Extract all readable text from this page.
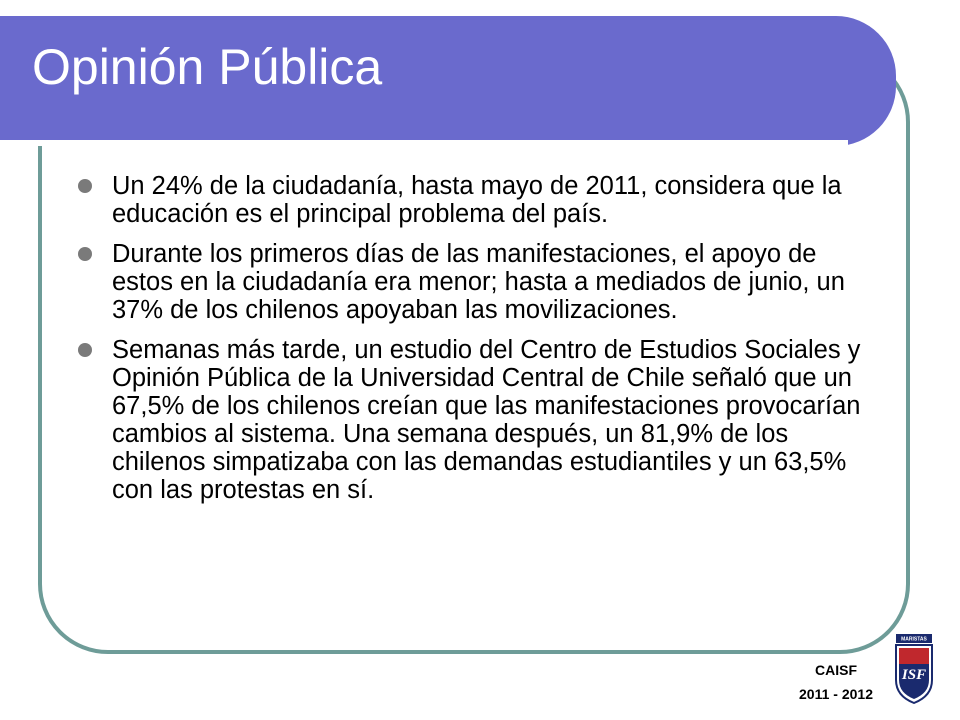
Opinión Pública
Un 24% de la ciudadanía, hasta mayo de 2011, considera que la educación es el principal problema del país.
Durante los primeros días de las manifestaciones, el apoyo de estos en la ciudadanía era menor; hasta a mediados de junio, un 37% de los chilenos apoyaban las movilizaciones.
Semanas más tarde, un estudio del Centro de Estudios Sociales y Opinión Pública de la Universidad Central de Chile señaló que un 67,5% de los chilenos creían que las manifestaciones provocarían cambios al sistema. Una semana después, un 81,9% de los chilenos simpatizaba con las demandas estudiantiles y un 63,5% con las protestas en sí.
CAISF
2011 - 2012
MARISTAS
ISF
